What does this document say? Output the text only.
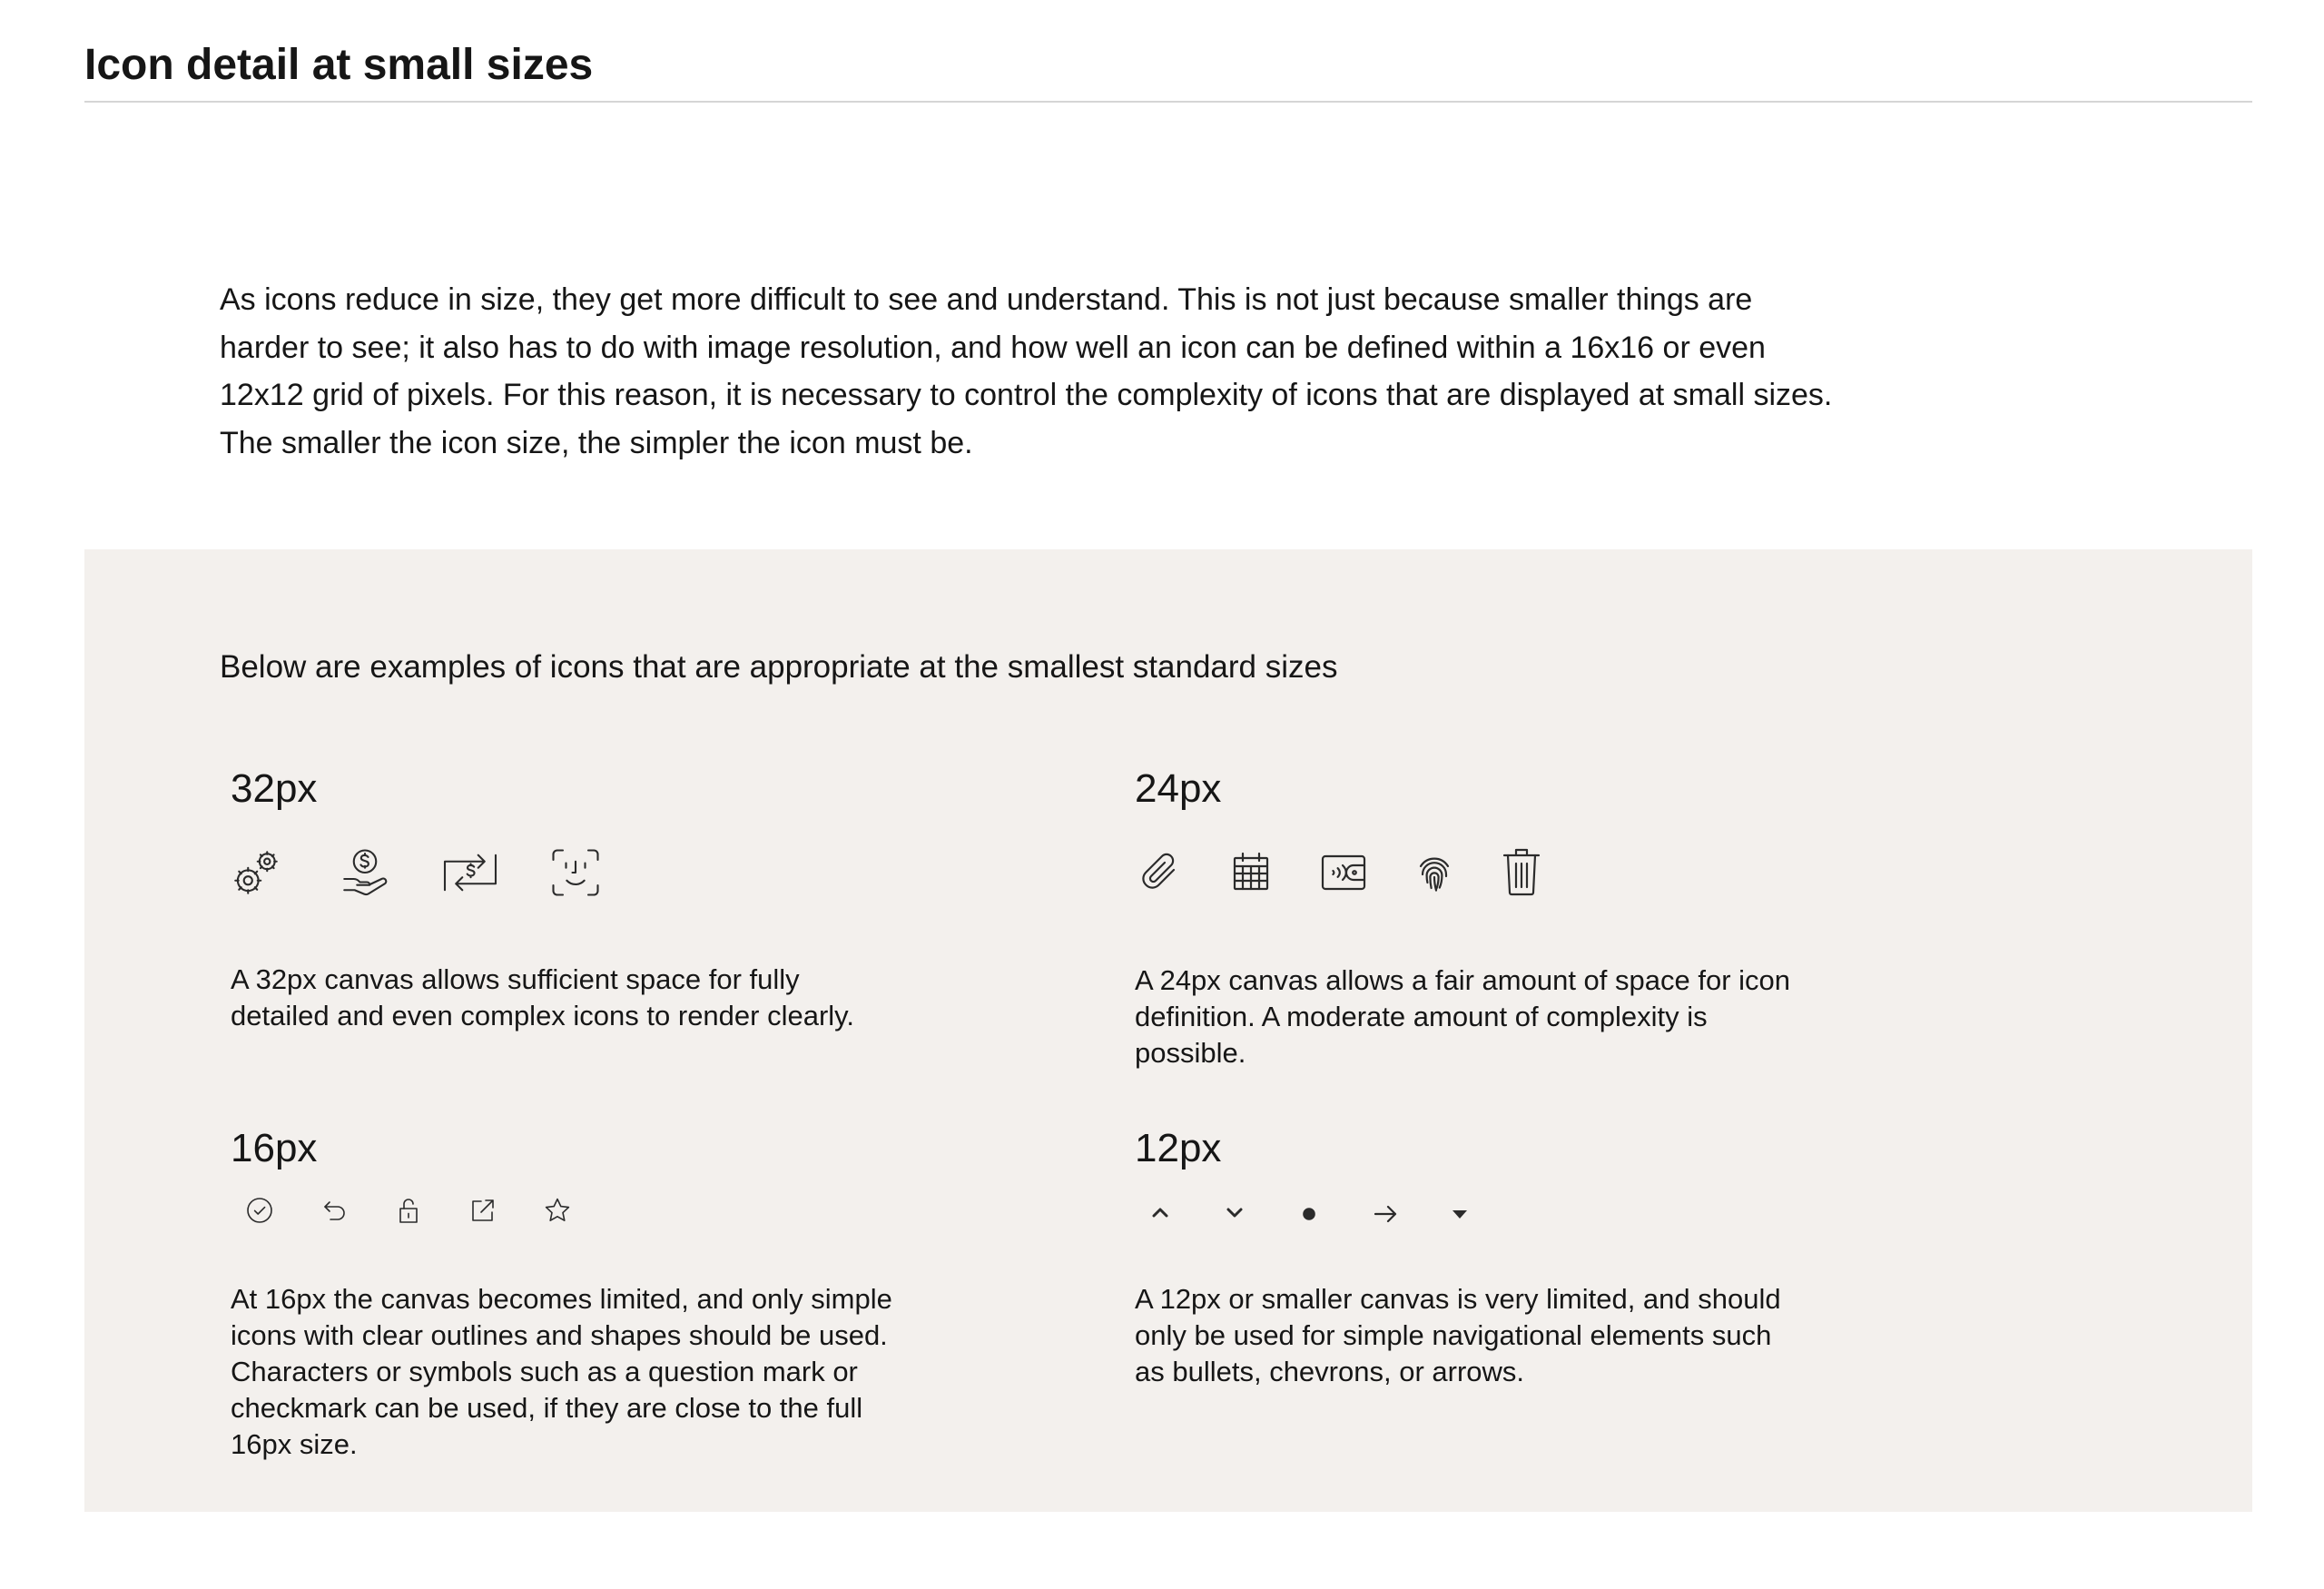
Icon detail at small sizes

As icons reduce in size, they get more difficult to see and understand. This is not just because smaller things are harder to see; it also has to do with image resolution, and how well an icon can be defined within a 16x16 or even 12x12 grid of pixels. For this reason, it is necessary to control the complexity of icons that are displayed at small sizes. The smaller the icon size, the simpler the icon must be.

Below are examples of icons that are appropriate at the smallest standard sizes
32px

A 32px canvas allows sufficient space for fully detailed and even complex icons to render clearly.

24px

A 24px canvas allows a fair amount of space for icon definition. A moderate amount of complexity is possible.

16px

At 16px the canvas becomes limited, and only simple icons with clear outlines and shapes should be used. Characters or symbols such as a question mark or checkmark can be used, if they are close to the full 16px size.

12px

A 12px or smaller canvas is very limited, and should only be used for simple navigational elements such as bullets, chevrons, or arrows.
